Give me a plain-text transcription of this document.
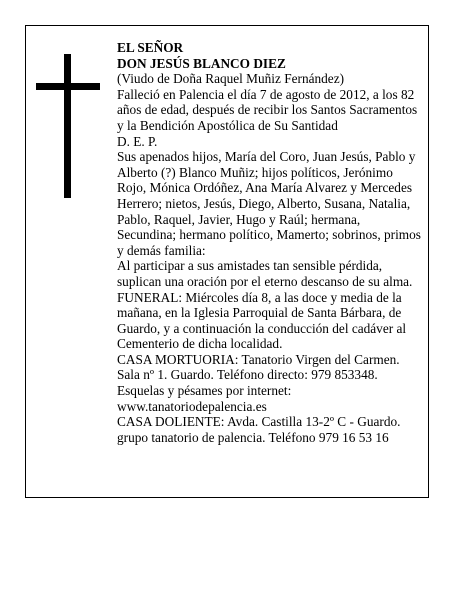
EL SEÑOR

DON JESÚS BLANCO DIEZ

(Viudo de Doña Raquel Muñiz Fernández)

Falleció en Palencia el día 7 de agosto de 2012, a los 82 años de edad, después de recibir los Santos Sacramentos y la Bendición Apostólica de Su Santidad

D. E. P.

Sus apenados hijos, María del Coro, Juan Jesús, Pablo y Alberto (?) Blanco Muñiz; hijos políticos, Jerónimo Rojo, Mónica Ordóñez, Ana María Alvarez y Mercedes Herrero; nietos, Jesús, Diego, Alberto, Susana, Natalia, Pablo, Raquel, Javier, Hugo y Raúl; hermana, Secundina; hermano político, Mamerto; sobrinos, primos y demás familia:

Al participar a sus amistades tan sensible pérdida, suplican una oración por el eterno descanso de su alma.

FUNERAL: Miércoles día 8, a las doce y media de la mañana, en la Iglesia Parroquial de Santa Bárbara, de Guardo, y a continuación la conducción del cadáver al Cementerio de dicha localidad.

CASA MORTUORIA: Tanatorio Virgen del Carmen. Sala nº 1. Guardo. Teléfono directo: 979 853348.

Esquelas y pésames por internet: www.tanatoriodepalencia.es

CASA DOLIENTE: Avda. Castilla 13-2º C - Guardo. grupo tanatorio de palencia. Teléfono 979 16 53 16
